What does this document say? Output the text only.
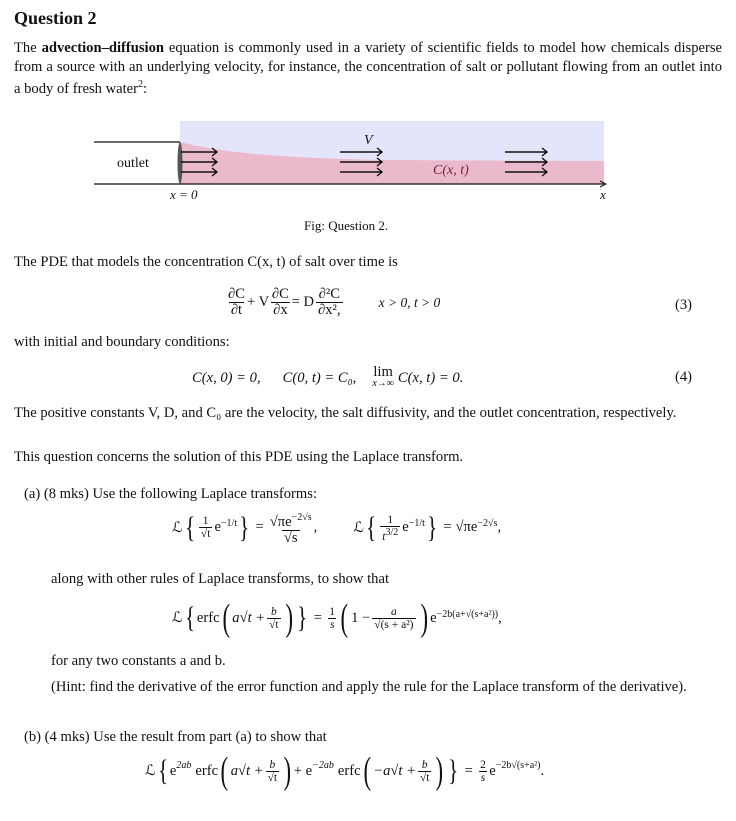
Question 2

The advection–diffusion equation is commonly used in a variety of scientific fields to model how chemicals disperse from a source with an underlying velocity, for instance, the concentration of salt or pollutant flowing from an outlet into a body of fresh water$^2$:

outlet
V
C(x, t)
x = 0	x
Fig: Question 2.
The PDE that models the concentration C(x, t) of salt over time is
∂C
∂t + V $\frac{\partial C}{\partial x} = D$ ∂²C
∂x²,	x > 0, t > 0	(3)
with initial and boundary conditions:
C(x, 0) = 0, C(0, t) = C₀, lim
x→∞ C(x, t) = 0.	(4)

The positive constants V, D, and C₀ are the velocity, the salt diffusivity, and the outlet concentration, respectively.

This question concerns the solution of this PDE using the Laplace transform.
(a) (8 mks) Use the following Laplace transforms:
ℒ { 1
√t $e^{-1/t}$ } = $\frac{√\pi e^{-2√s}}{√s}$ , ℒ { 1
$t^{3/2}$ $e^{-1/t}$ } = $√\pi e^{-2√s}$ ,
along with other rules of Laplace transforms, to show that
ℒ { erfc ( $a√t + \frac{b}{√t}$ ) } = $\frac{1}{s}$ ( $1 - \frac{a}{\text{√(s + a²)}}$ ) $e^{-2b(a+√(s+a^2))}$ ,
for any two constants a and b.

(Hint: find the derivative of the error function and apply the rule for the Laplace transform of the derivative).

(b) (4 mks) Use the result from part (a) to show that
ℒ { $e^{2ab}$ erfc ( $a√t + \frac{b}{√t}$ ) + $e^{-2ab}$ erfc ( $-a√t + \frac{b}{√t}$ ) } = $\frac{2}{s} e^{-2b√(s+a^2)}$ .
